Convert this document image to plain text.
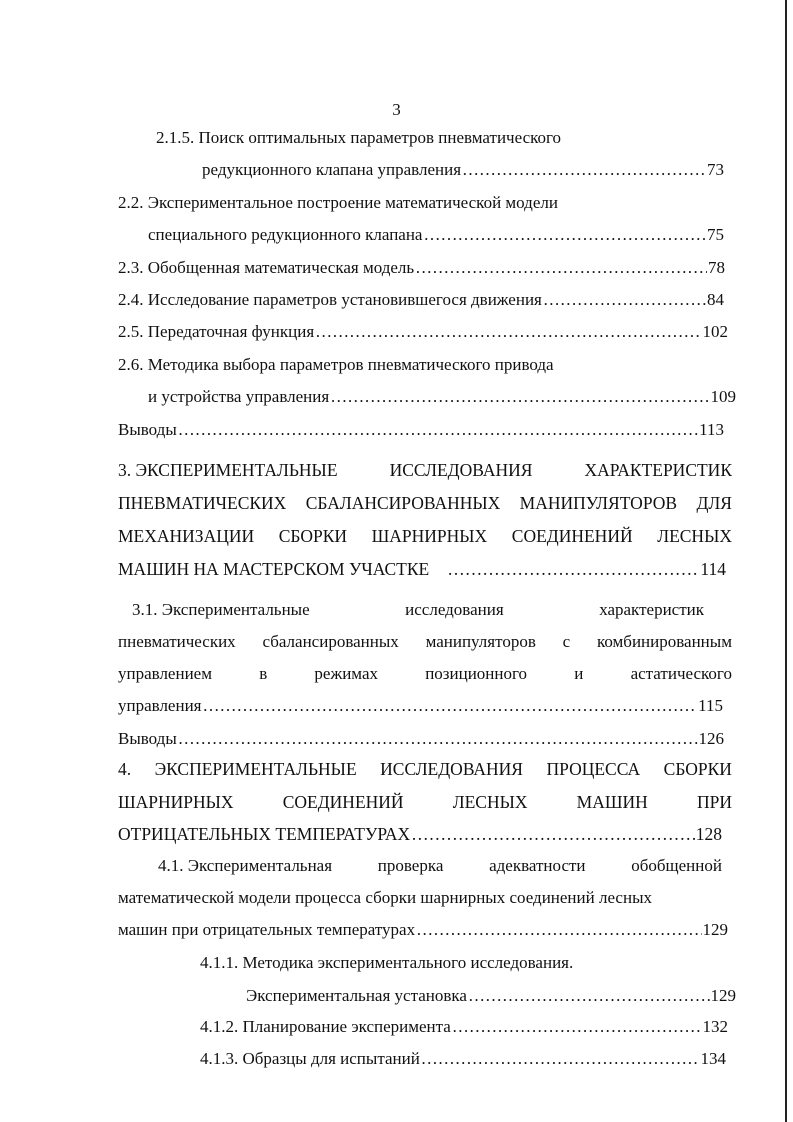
3
2.1.5. Поиск оптимальных параметров пневматического
редукционного клапана управления ……………………………………………………………………………………………………………………………………………………………………………………………………	73
2.2. Экспериментальное построение математической модели
специального редукционного клапана ……………………………………………………………………………………………………………………………………………………………………………………………………	75
2.3. Обобщенная математическая модель ……………………………………………………………………………………………………………………………………………………………………………………………………	78
2.4. Исследование параметров установившегося движения ……………………………………………………………………………………………………………………………………………………………………………………………………	84
2.5. Передаточная функция ……………………………………………………………………………………………………………………………………………………………………………………………………	102
2.6. Методика выбора параметров пневматического привода
и устройства управления ……………………………………………………………………………………………………………………………………………………………………………………………………	109
Выводы ……………………………………………………………………………………………………………………………………………………………………………………………………	113
3. ЭКСПЕРИМЕНТАЛЬНЫЕ	ИССЛЕДОВАНИЯ	ХАРАКТЕРИСТИК
ПНЕВМАТИЧЕСКИХ СБАЛАНСИРОВАННЫХ МАНИПУЛЯТОРОВ ДЛЯ
МЕХАНИЗАЦИИ СБОРКИ ШАРНИРНЫХ СОЕДИНЕНИЙ ЛЕСНЫХ
МАШИН НА МАСТЕРСКОМ УЧАСТКЕ ……………………………………………………………………………………………………………………………………………………………………………………………………	114
3.1. Экспериментальные	исследования	характеристик
пневматических сбалансированных манипуляторов с комбинированным
управлением	в	режимах	позиционного	и	астатического
управления ……………………………………………………………………………………………………………………………………………………………………………………………………	115
Выводы ……………………………………………………………………………………………………………………………………………………………………………………………………	126
4. ЭКСПЕРИМЕНТАЛЬНЫЕ ИССЛЕДОВАНИЯ ПРОЦЕССА СБОРКИ
ШАРНИРНЫХ	СОЕДИНЕНИЙ	ЛЕСНЫХ	МАШИН	ПРИ
ОТРИЦАТЕЛЬНЫХ ТЕМПЕРАТУРАХ ……………………………………………………………………………………………………………………………………………………………………………………………………	128
4.1. Экспериментальная	проверка	адекватности	обобщенной
математической модели процесса сборки шарнирных соединений лесных
машин при отрицательных температурах ……………………………………………………………………………………………………………………………………………………………………………………………………	129
4.1.1. Методика экспериментального исследования.
Экспериментальная установка ……………………………………………………………………………………………………………………………………………………………………………………………………	129
4.1.2. Планирование эксперимента ……………………………………………………………………………………………………………………………………………………………………………………………………	132
4.1.3. Образцы для испытаний ……………………………………………………………………………………………………………………………………………………………………………………………………	134
